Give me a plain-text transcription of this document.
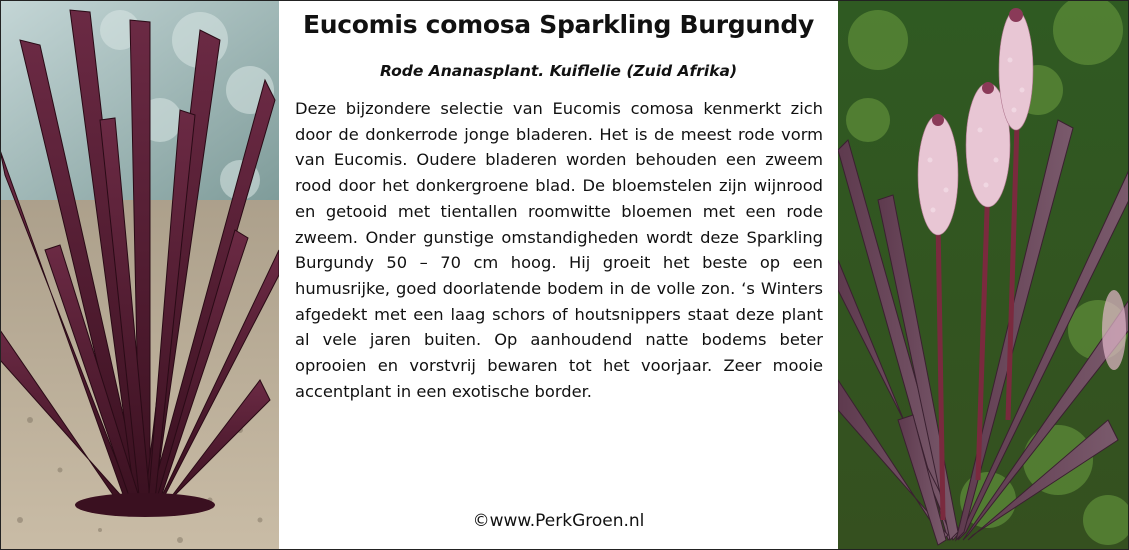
Eucomis comosa Sparkling Burgundy

Rode Ananasplant. Kuiflelie (Zuid Afrika)

Deze bijzondere selectie van Eucomis comosa kenmerkt zich door de donkerrode jonge bladeren. Het is de meest rode vorm van Eucomis. Oudere bladeren worden behouden een zweem rood door het donkergroene blad. De bloemstelen zijn wijnrood en getooid met tientallen roomwitte bloemen met een rode zweem. Onder gunstige omstandigheden wordt deze Sparkling Burgundy 50 – 70 cm hoog. Hij groeit het beste op een humusrijke, goed doorlatende bodem in de volle zon. ‘s Winters afgedekt met een laag schors of houtsnippers staat deze plant al vele jaren buiten. Op aanhoudend natte bodems beter oprooien en vorstvrij bewaren tot het voorjaar. Zeer mooie accentplant in een exotische border.

©www.PerkGroen.nl
